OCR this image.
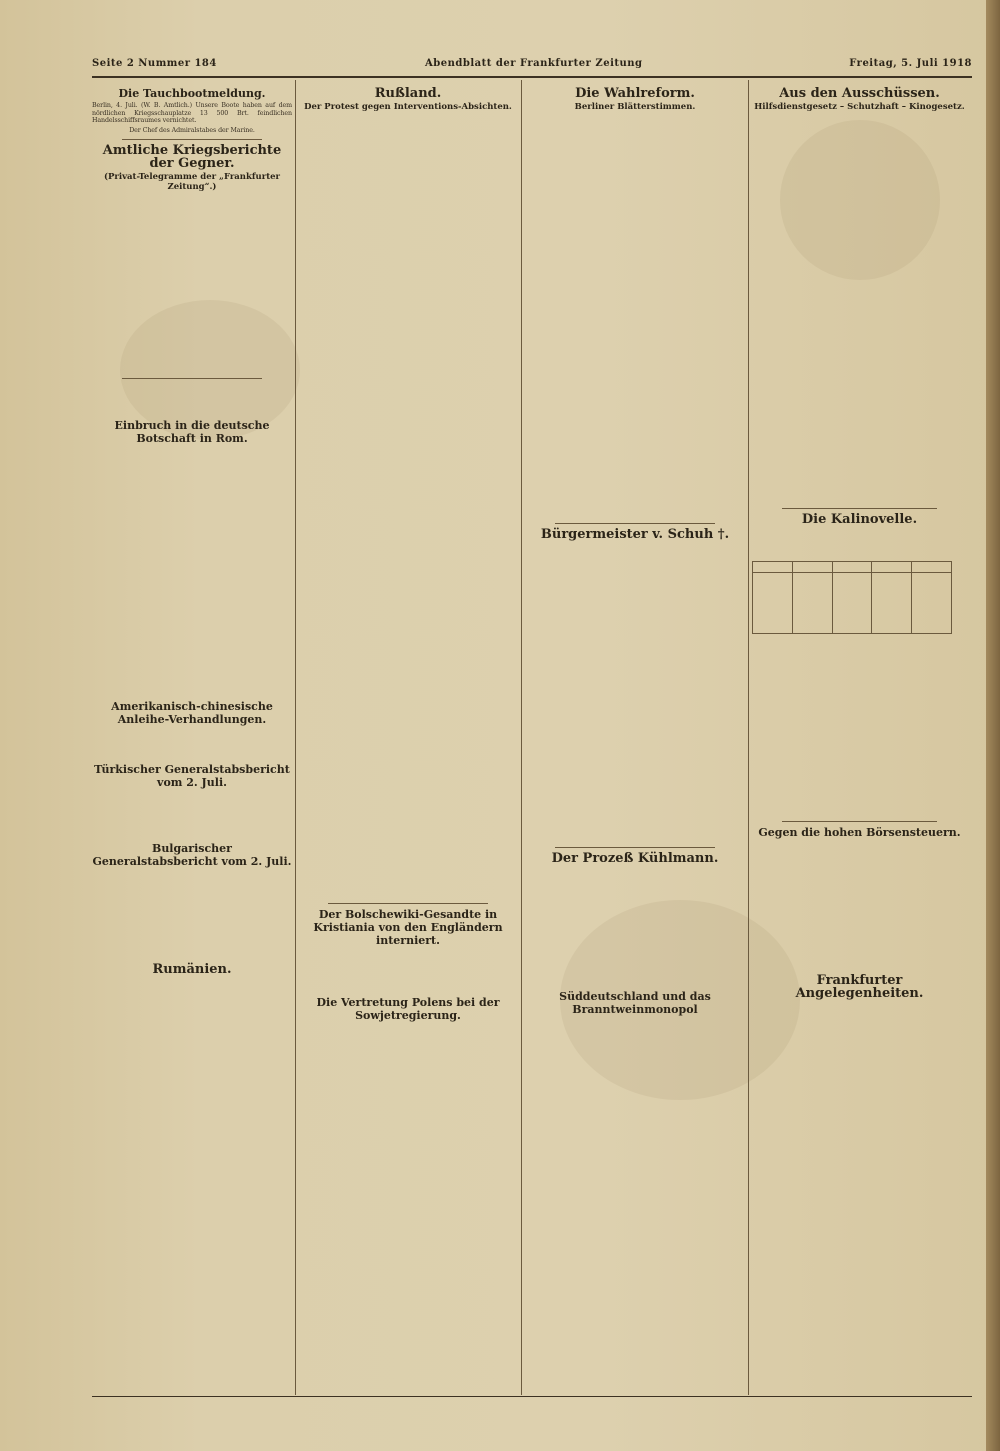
Seite 2 Nummer 184	Abendblatt der Frankfurter Zeitung	Freitag, 5. Juli 1918
Die Tauchbootmeldung.
Berlin, 4. Juli. (W. B. Amtlich.) Unsere Boote haben auf dem nördlichen Kriegsschauplatze 13 500 Brt. feindlichen Handelsschiffsraumes vernichtet.
Der Chef des Admiralstabes der Marine.
Amtliche Kriegsberichte der Gegner.
(Privat-Telegramme der „Frankfurter Zeitung“.)
Einbruch in die deutsche Botschaft in Rom.
Amerikanisch-chinesische Anleihe-Verhandlungen.
Türkischer Generalstabsbericht vom 2. Juli.
Bulgarischer Generalstabsbericht vom 2. Juli.
Rumänien.
Rußland.
Der Protest gegen Interventions-Absichten.
Der Bolschewiki-Gesandte in Kristiania von den Engländern interniert.
Die Vertretung Polens bei der Sowjetregierung.
Die Wahlreform.
Berliner Blätterstimmen.
Bürgermeister v. Schuh †.
Der Prozeß Kühlmann.
Süddeutschland und das Branntweinmonopol
Aus den Ausschüssen.
Hilfsdienstgesetz – Schutzhaft – Kinogesetz.
Die Kalinovelle.

Gegen die hohen Börsensteuern.
Frankfurter Angelegenheiten.
